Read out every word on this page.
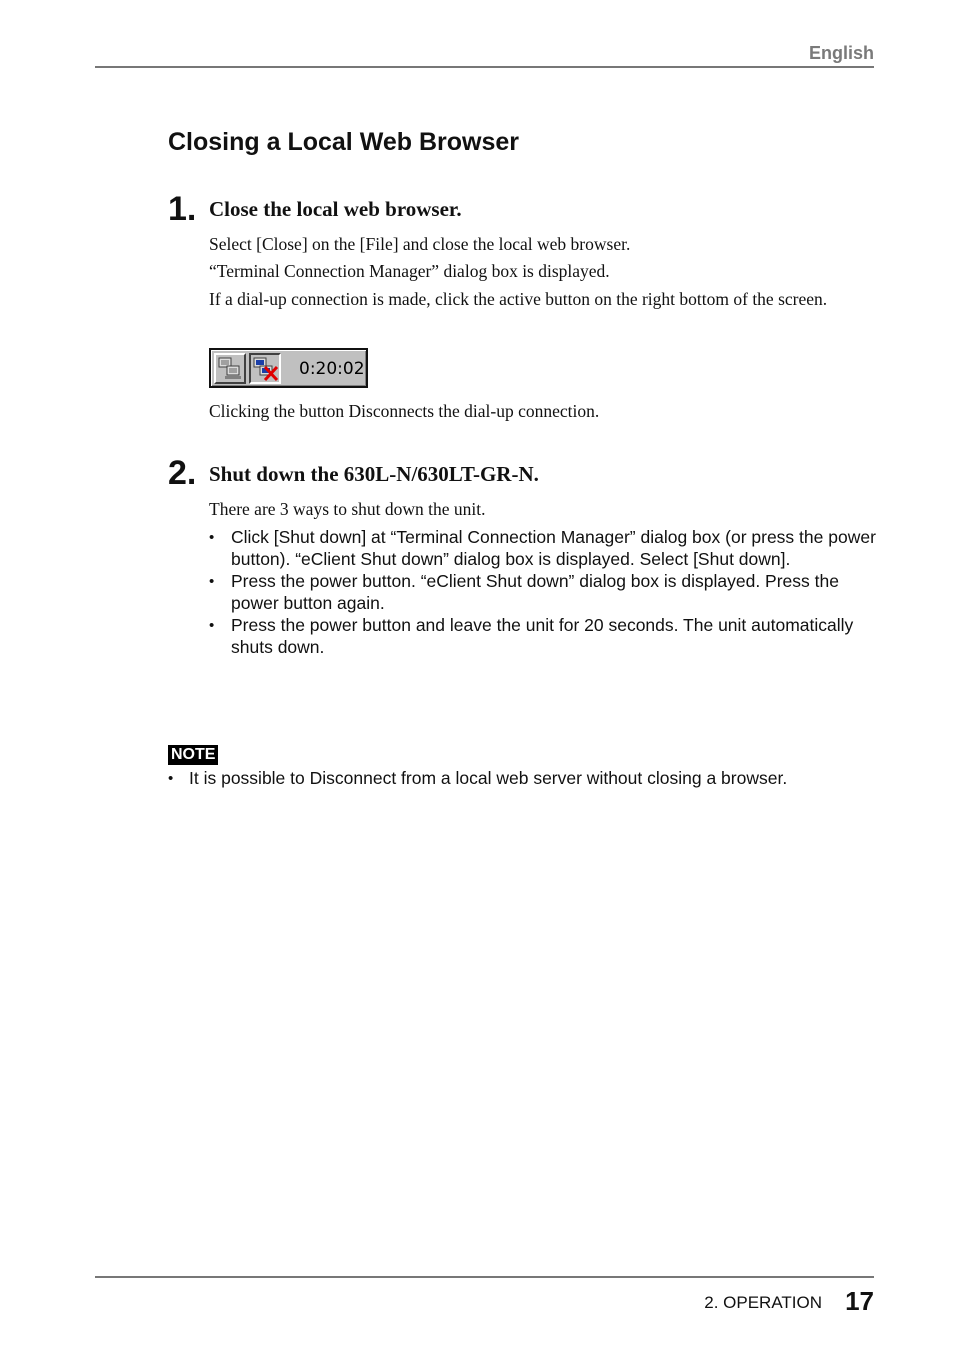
English
Closing a Local Web Browser
1. Close the local web browser.
Select [Close] on the [File] and close the local web browser.
“Terminal Connection Manager” dialog box is displayed.
If a dial-up connection is made, click the active button on the right bottom of the screen.
0:20:02
Clicking the button Disconnects the dial-up connection.
2. Shut down the 630L-N/630LT-GR-N.
There are 3 ways to shut down the unit.
• Click [Shut down] at “Terminal Connection Manager” dialog box (or press the power button). “eClient Shut down” dialog box is displayed. Select [Shut down].
• Press the power button. “eClient Shut down” dialog box is displayed. Press the power button again.
• Press the power button and leave the unit for 20 seconds. The unit automatically shuts down.
NOTE
• It is possible to Disconnect from a local web server without closing a browser.
2. OPERATION 17
